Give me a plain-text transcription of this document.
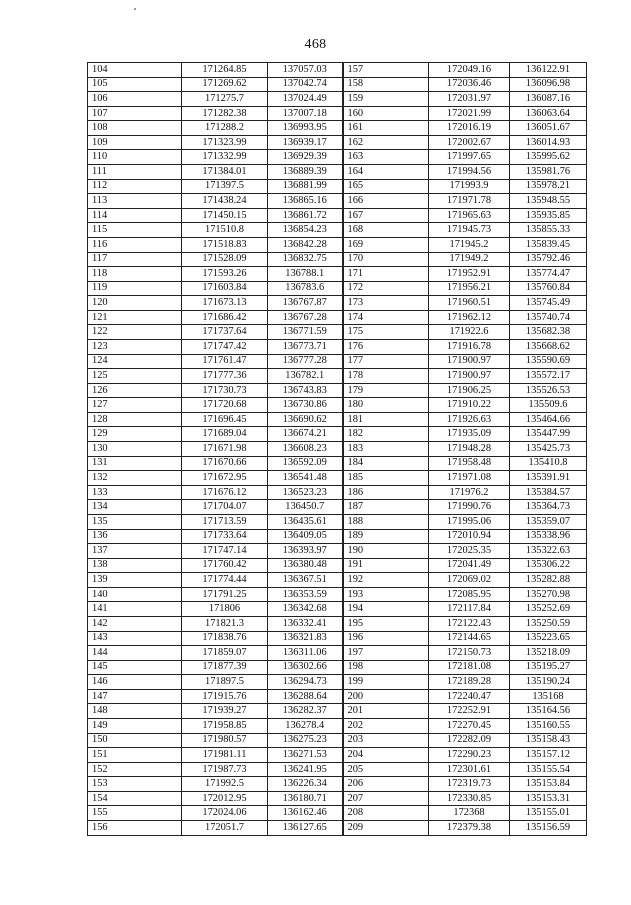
468
104	171264.85	137057.03	157	172049.16	136122.91
105	171269.62	137042.74	158	172036.46	136096.98
106	171275.7	137024.49	159	172031.97	136087.16
107	171282.38	137007.18	160	172021.99	136063.64
108	171288.2	136993.95	161	172016.19	136051.67
109	171323.99	136939.17	162	172002.67	136014.93
110	171332.99	136929.39	163	171997.65	135995.62
111	171384.01	136889.39	164	171994.56	135981.76
112	171397.5	136881.99	165	171993.9	135978.21
113	171438.24	136865.16	166	171971.78	135948.55
114	171450.15	136861.72	167	171965.63	135935.85
115	171510.8	136854.23	168	171945.73	135855.33
116	171518.83	136842.28	169	171945.2	135839.45
117	171528.09	136832.75	170	171949.2	135792.46
118	171593.26	136788.1	171	171952.91	135774.47
119	171603.84	136783.6	172	171956.21	135760.84
120	171673.13	136767.87	173	171960.51	135745.49
121	171686.42	136767.28	174	171962.12	135740.74
122	171737.64	136771.59	175	171922.6	135682.38
123	171747.42	136773.71	176	171916.78	135668.62
124	171761.47	136777.28	177	171900.97	135590.69
125	171777.36	136782.1	178	171900.97	135572.17
126	171730.73	136743.83	179	171906.25	135526.53
127	171720.68	136730.86	180	171910.22	135509.6
128	171696.45	136690.62	181	171926.63	135464.66
129	171689.04	136674.21	182	171935.09	135447.99
130	171671.98	136608.23	183	171948.28	135425.73
131	171670.66	136592.09	184	171958.48	135410.8
132	171672.95	136541.48	185	171971.08	135391.91
133	171676.12	136523.23	186	171976.2	135384.57
134	171704.07	136450.7	187	171990.76	135364.73
135	171713.59	136435.61	188	171995.06	135359.07
136	171733.64	136409.05	189	172010.94	135338.96
137	171747.14	136393.97	190	172025.35	135322.63
138	171760.42	136380.48	191	172041.49	135306.22
139	171774.44	136367.51	192	172069.02	135282.88
140	171791.25	136353.59	193	172085.95	135270.98
141	171806	136342.68	194	172117.84	135252.69
142	171821.3	136332.41	195	172122.43	135250.59
143	171838.76	136321.83	196	172144.65	135223.65
144	171859.07	136311.06	197	172150.73	135218.09
145	171877.39	136302.66	198	172181.08	135195.27
146	171897.5	136294.73	199	172189.28	135190.24
147	171915.76	136288.64	200	172240.47	135168
148	171939.27	136282.37	201	172252.91	135164.56
149	171958.85	136278.4	202	172270.45	135160.55
150	171980.57	136275.23	203	172282.09	135158.43
151	171981.11	136271.53	204	172290.23	135157.12
152	171987.73	136241.95	205	172301.61	135155.54
153	171992.5	136226.34	206	172319.73	135153.84
154	172012.95	136180.71	207	172330.85	135153.31
155	172024.06	136162.46	208	172368	135155.01
156	172051.7	136127.65	209	172379.38	135156.59
